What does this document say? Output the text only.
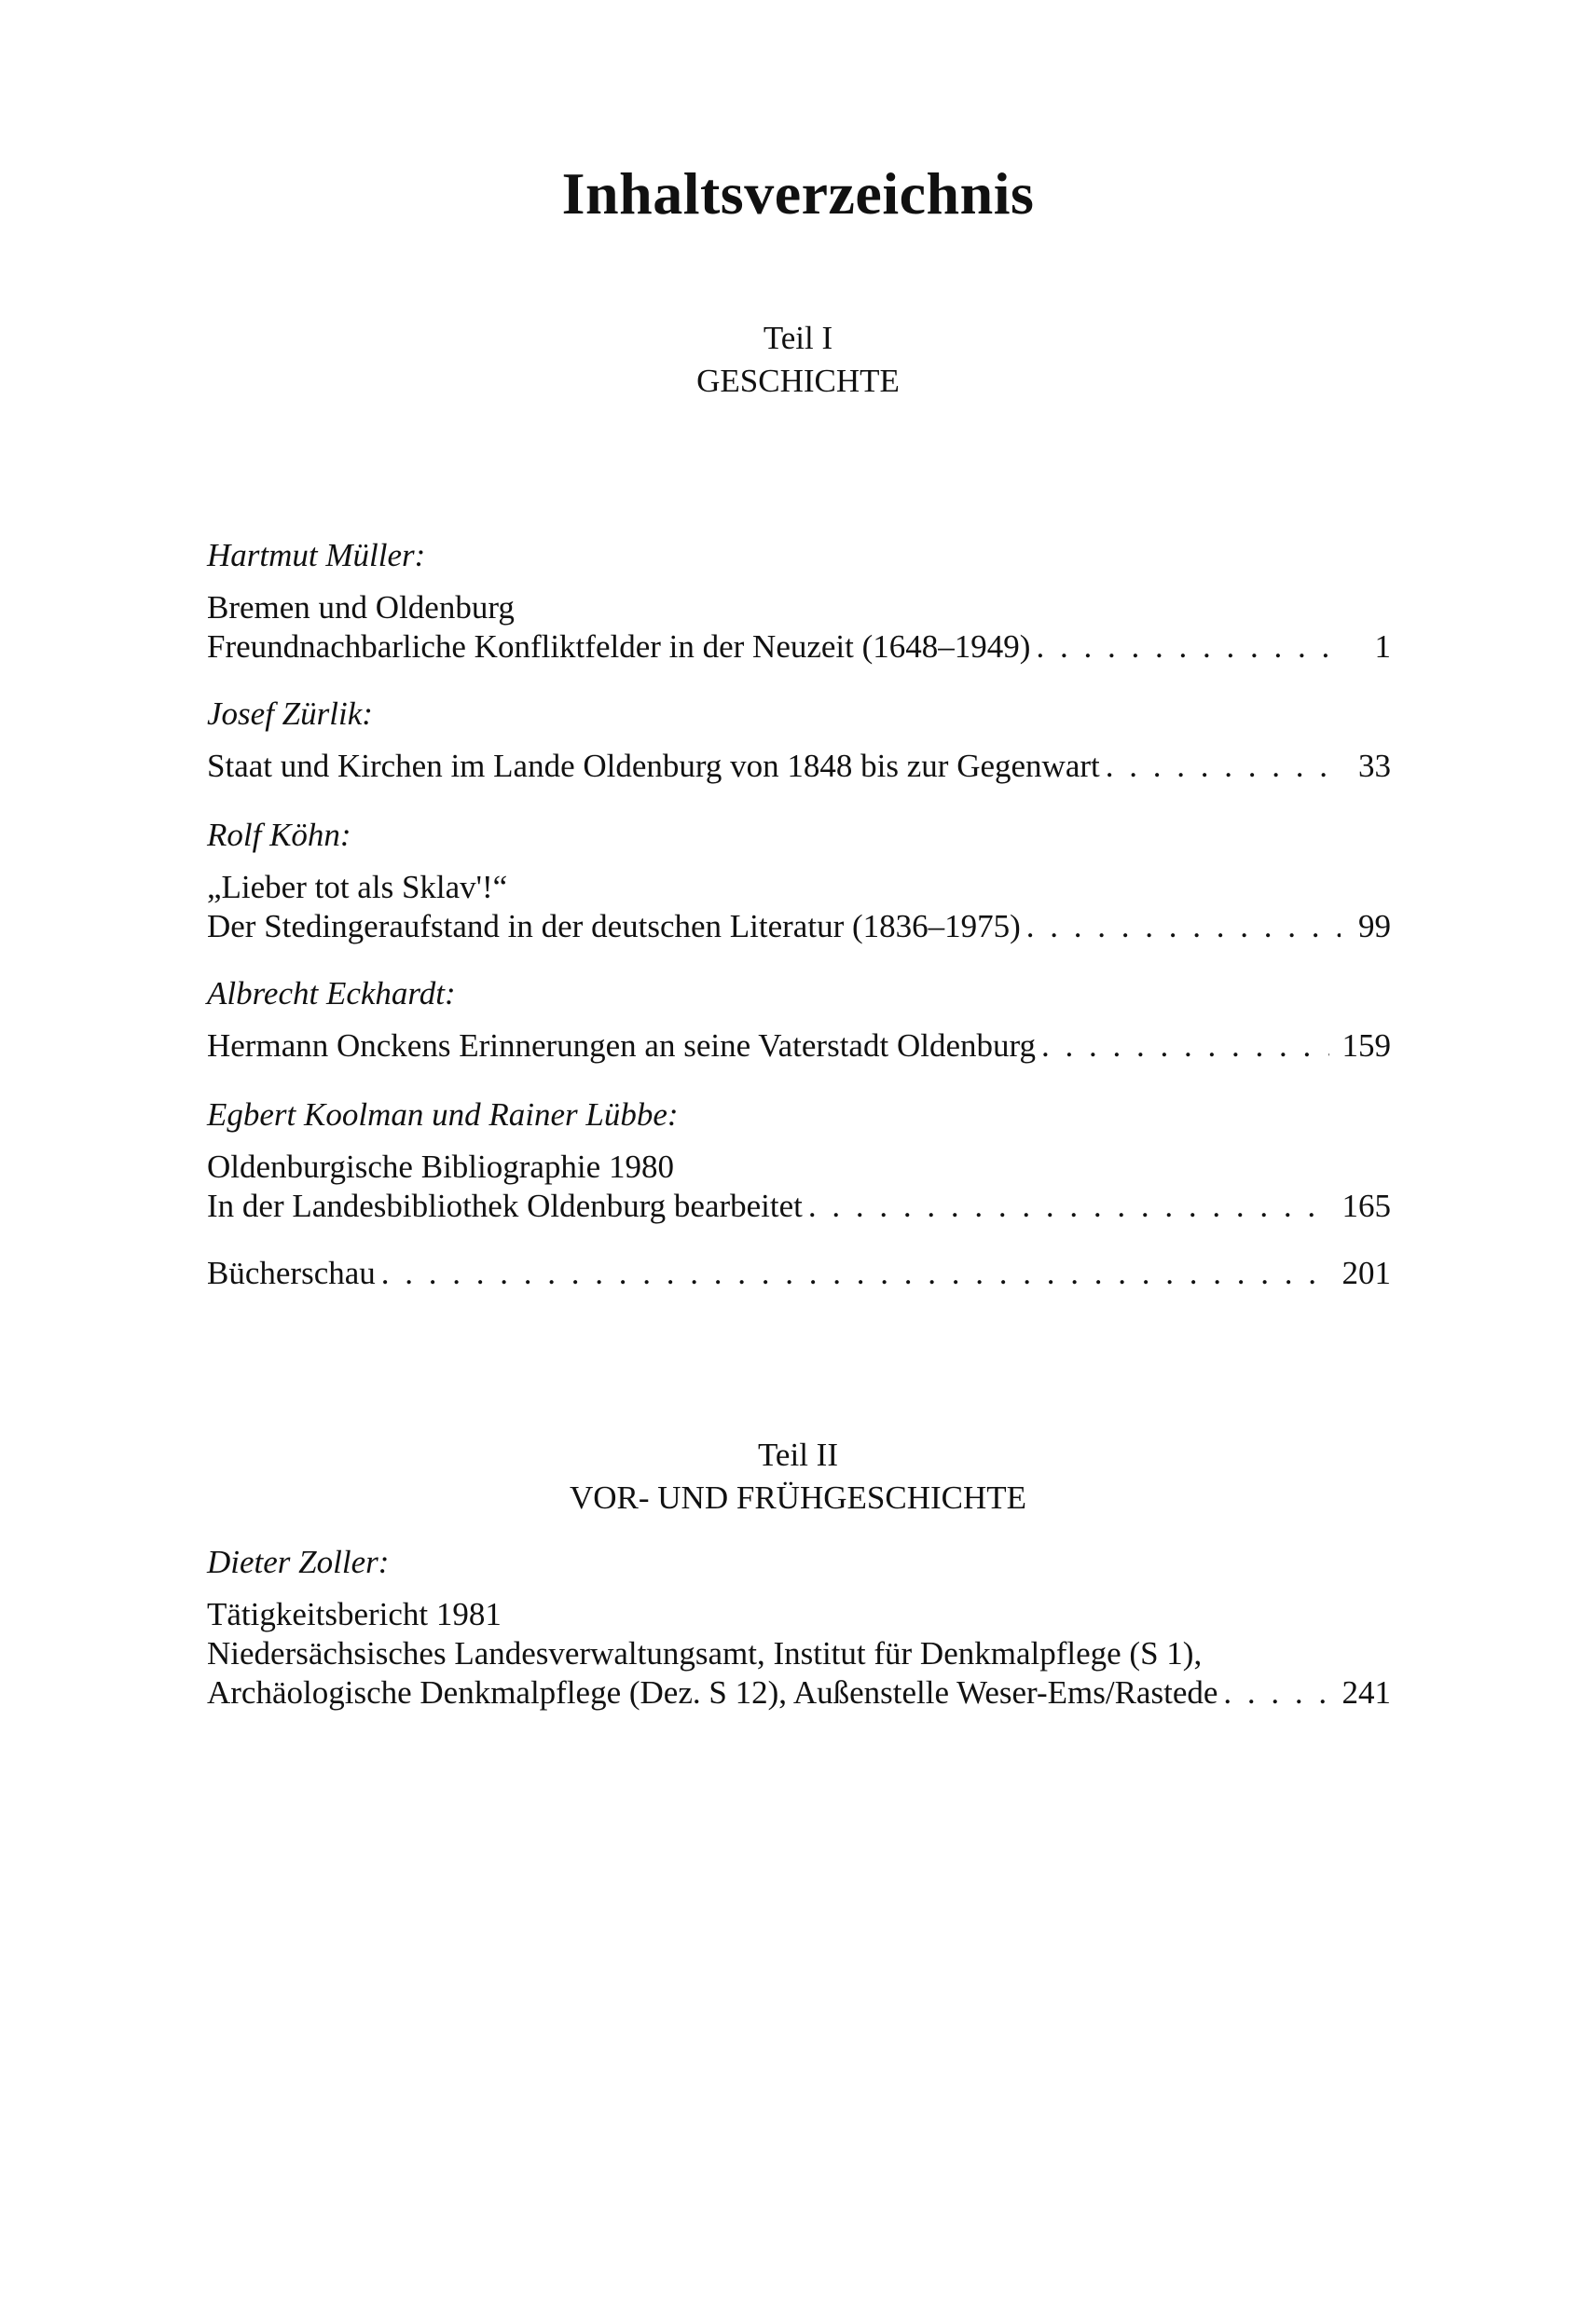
Inhaltsverzeichnis
Teil I
GESCHICHTE
Hartmut Müller:
Bremen und Oldenburg
Freundnachbarliche Konfliktfelder in der Neuzeit (1648–1949) . . .	1
Josef Zürlik:
Staat und Kirchen im Lande Oldenburg von 1848 bis zur Gegenwart . . .	33
Rolf Köhn:
„Lieber tot als Sklav'!“
Der Stedingeraufstand in der deutschen Literatur (1836–1975) . . .	99
Albrecht Eckhardt:
Hermann Onckens Erinnerungen an seine Vaterstadt Oldenburg . . .	159
Egbert Koolman und Rainer Lübbe:
Oldenburgische Bibliographie 1980
In der Landesbibliothek Oldenburg bearbeitet . . .	165
Bücherschau . . .	201
Teil II
VOR- UND FRÜHGESCHICHTE
Dieter Zoller:
Tätigkeitsbericht 1981
Niedersächsisches Landesverwaltungsamt, Institut für Denkmalpflege (S 1),
Archäologische Denkmalpflege (Dez. S 12), Außenstelle Weser-Ems/Rastede . . .	241
